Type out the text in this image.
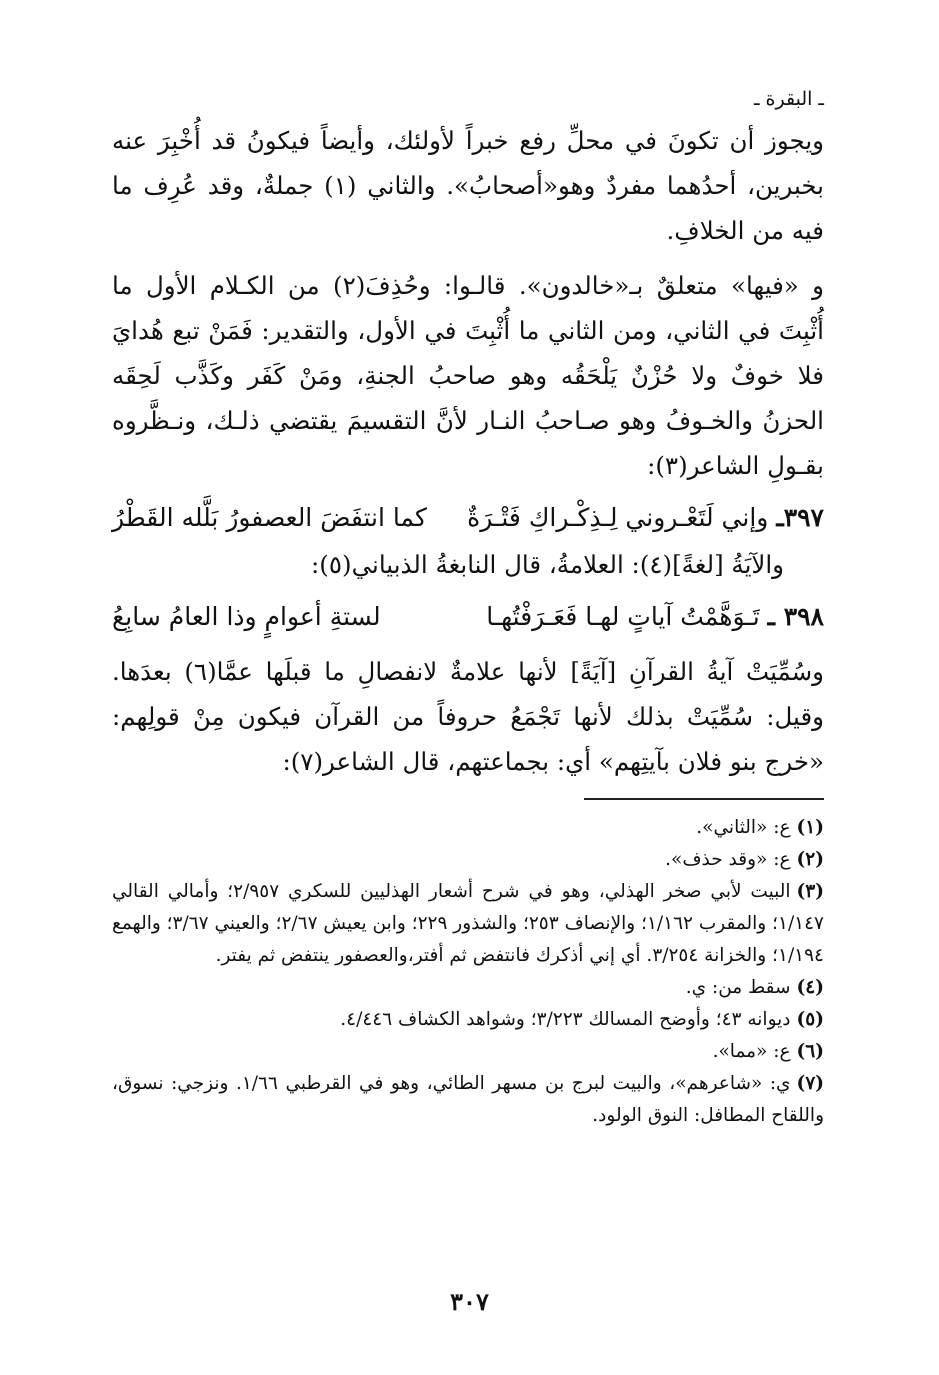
ـ البقرة ـ

ويجوز أن تكونَ في محلِّ رفع خبراً لأولئك، وأيضاً فيكونُ قد أُخْبِرَ عنه بخبرين، أحدُهما مفردٌ وهو«أصحابُ». والثاني (١) جملةٌ، وقد عُرِف ما فيه من الخلافِ.

و «فيها» متعلقٌ بـ«خالدون». قالـوا: وحُذِفَ(٢) من الكـلام الأول ما أُثْبِتَ في الثاني، ومن الثاني ما أُثْبِتَ في الأول، والتقدير: فَمَنْ تبع هُدايَ فلا خوفٌ ولا حُزْنٌ يَلْحَقُه وهو صاحبُ الجنةِ، ومَنْ كَفَر وكَذَّب لَحِقَه الحزنُ والخـوفُ وهو صـاحبُ النـار لأنَّ التقسيمَ يقتضي ذلـك، ونـظَّروه بقـولِ الشاعر(٣):

٣٩٧ـ
وإني لَتَعْـروني لِـذِكْـراكِ فَتْـرَةٌ
كما انتفَضَ العصفورُ بَلَّله القَطْرُ

والآيَةُ [لغةً](٤): العلامةُ، قال النابغةُ الذبياني(٥):

٣٩٨ ـ
تَـوَهَّمْتُ آياتٍ لهـا فَعَـرَفْتُهـا
لستةِ أعوامٍ وذا العامُ سابِعُ

وسُمِّيَتْ آيةُ القرآنِ [آيَةً] لأنها علامةٌ لانفصالِ ما قبلَها عمَّا(٦) بعدَها. وقيل: سُمِّيَتْ بذلك لأنها تَجْمَعُ حروفاً من القرآن فيكون مِنْ قولِهم: «خرج بنو فلان بآيتِهم» أي: بجماعتهم، قال الشاعر(٧):

(١)ع: «الثاني».

(٢)ع: «وقد حذف».

(٣)البيت لأبي صخر الهذلي، وهو في شرح أشعار الهذليين للسكري ٢/٩٥٧؛ وأمالي القالي ١/١٤٧؛ والمقرب ١/١٦٢؛ والإنصاف ٢٥٣؛ والشذور ٢٢٩؛ وابن يعيش ٢/٦٧؛ والعيني ٣/٦٧؛ والهمع ١/١٩٤؛ والخزانة ٣/٢٥٤. أي إني أذكرك فانتفض ثم أفتر،والعصفور ينتفض ثم يفتر.

(٤)سقط من: ي.

(٥)ديوانه ٤٣؛ وأوضح المسالك ٣/٢٢٣؛ وشواهد الكشاف ٤/٤٤٦.

(٦)ع: «مما».

(٧)ي: «شاعرهم»، والبيت لبرج بن مسهر الطائي، وهو في القرطبي ١/٦٦. ونزجي: نسوق، واللقاح المطافل: النوق الولود.

٣٠٧
